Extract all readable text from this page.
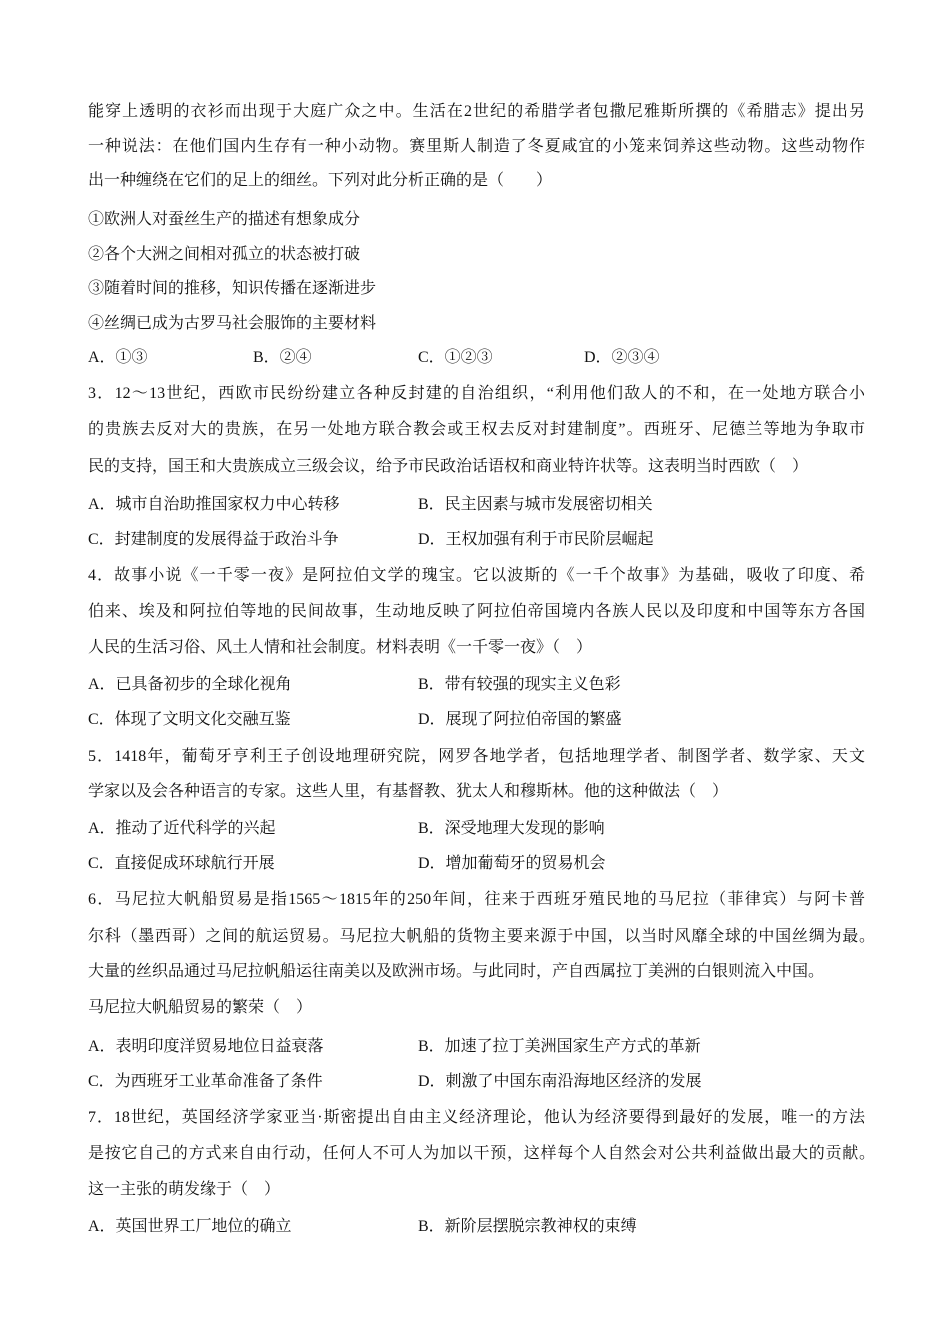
能穿上透明的衣衫而出现于大庭广众之中。生活在2世纪的希腊学者包撒尼雅斯所撰的《希腊志》提出另
一种说法：在他们国内生存有一种小动物。赛里斯人制造了冬夏咸宜的小笼来饲养这些动物。这些动物作
出一种缠绕在它们的足上的细丝。下列对此分析正确的是（　　）
①欧洲人对蚕丝生产的描述有想象成分
②各个大洲之间相对孤立的状态被打破
③随着时间的推移，知识传播在逐渐进步
④丝绸已成为古罗马社会服饰的主要材料
A．①③	B．②④	C．①②③	D．②③④
3．12～13世纪，西欧市民纷纷建立各种反封建的自治组织，“利用他们敌人的不和，在一处地方联合小
的贵族去反对大的贵族，在另一处地方联合教会或王权去反对封建制度”。西班牙、尼德兰等地为争取市
民的支持，国王和大贵族成立三级会议，给予市民政治话语权和商业特许状等。这表明当时西欧（　）
A．城市自治助推国家权力中心转移	B．民主因素与城市发展密切相关
C．封建制度的发展得益于政治斗争	D．王权加强有利于市民阶层崛起
4．故事小说《一千零一夜》是阿拉伯文学的瑰宝。它以波斯的《一千个故事》为基础，吸收了印度、希
伯来、埃及和阿拉伯等地的民间故事，生动地反映了阿拉伯帝国境内各族人民以及印度和中国等东方各国
人民的生活习俗、风土人情和社会制度。材料表明《一千零一夜》（　）
A．已具备初步的全球化视角	B．带有较强的现实主义色彩
C．体现了文明文化交融互鉴	D．展现了阿拉伯帝国的繁盛
5．1418年，葡萄牙亨利王子创设地理研究院，网罗各地学者，包括地理学者、制图学者、数学家、天文
学家以及会各种语言的专家。这些人里，有基督教、犹太人和穆斯林。他的这种做法（　）
A．推动了近代科学的兴起	B．深受地理大发现的影响
C．直接促成环球航行开展	D．增加葡萄牙的贸易机会
6．马尼拉大帆船贸易是指1565～1815年的250年间，往来于西班牙殖民地的马尼拉（菲律宾）与阿卡普
尔科（墨西哥）之间的航运贸易。马尼拉大帆船的货物主要来源于中国，以当时风靡全球的中国丝绸为最。
大量的丝织品通过马尼拉帆船运往南美以及欧洲市场。与此同时，产自西属拉丁美洲的白银则流入中国。
马尼拉大帆船贸易的繁荣（　）
A．表明印度洋贸易地位日益衰落	B．加速了拉丁美洲国家生产方式的革新
C．为西班牙工业革命准备了条件	D．刺激了中国东南沿海地区经济的发展
7．18世纪，英国经济学家亚当·斯密提出自由主义经济理论，他认为经济要得到最好的发展，唯一的方法
是按它自己的方式来自由行动，任何人不可人为加以干预，这样每个人自然会对公共利益做出最大的贡献。
这一主张的萌发缘于（　）
A．英国世界工厂地位的确立	B．新阶层摆脱宗教神权的束缚
